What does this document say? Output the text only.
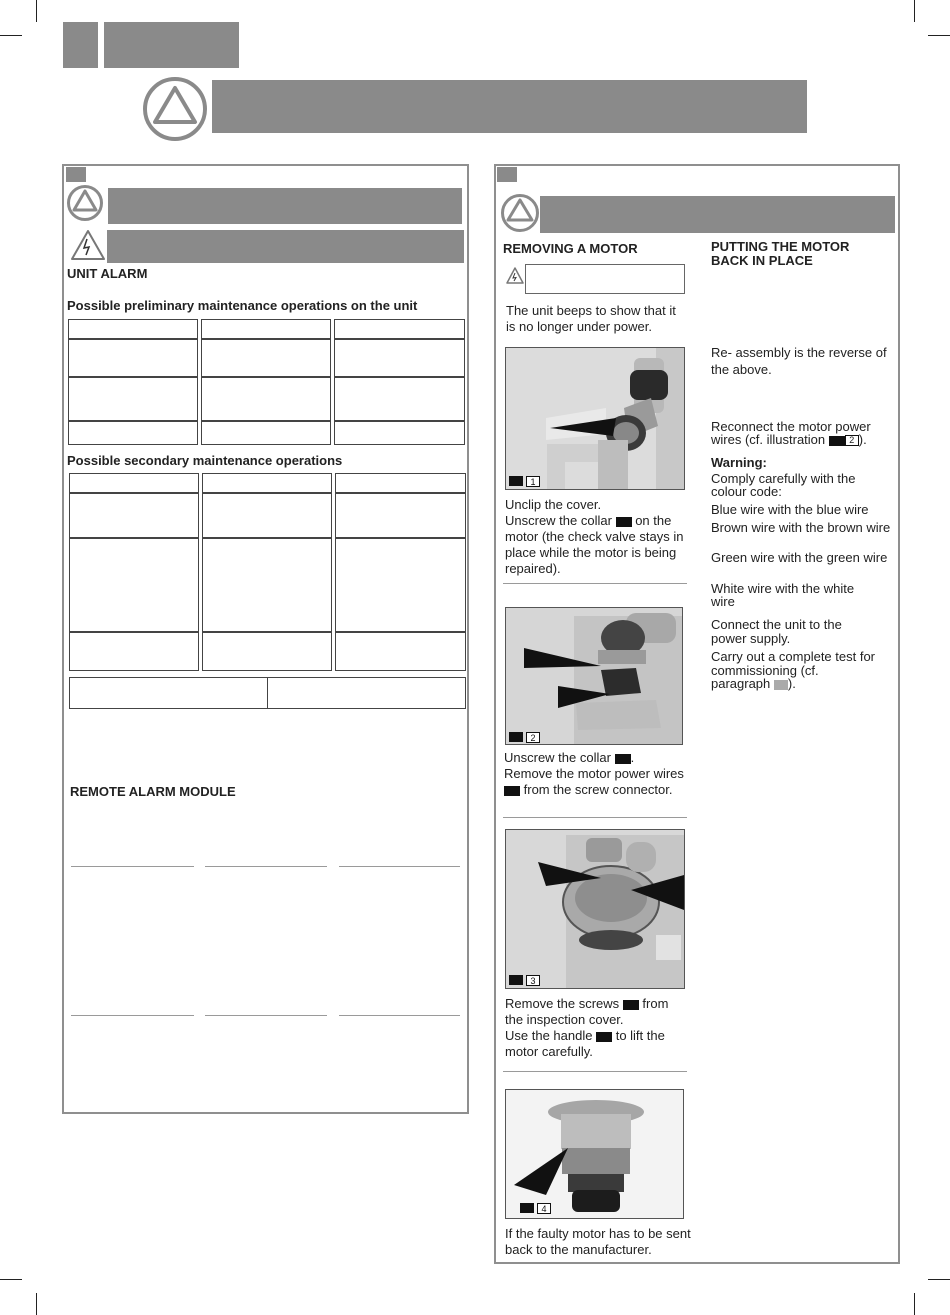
UNIT ALARM
Possible preliminary maintenance operations on the unit
Possible secondary maintenance operations
REMOTE ALARM MODULE
REMOVING A MOTOR
The unit beeps to show that it is no longer under power.
1
Unclip the cover.
Unscrew the collar on the motor (the check valve stays in place while the motor is being repaired).
2
Unscrew the collar .
Remove the motor power wires  from the screw connector.
3
Remove the screws from the inspection cover.
Use the handle to lift the motor carefully.
4
If the faulty motor has to be sent back to the manufacturer.
PUTTING THE MOTOR BACK IN PLACE
Re- assembly is the reverse of the above.
Reconnect the motor power wires (cf. illustration	2 ).
Warning:
Comply carefully with the colour code:
Blue wire with the blue wire
Brown wire with the brown wire
Green wire with the green wire
White wire with the white wire
Connect the unit to the power supply.
Carry out a complete test for commissioning (cf. paragraph ).
